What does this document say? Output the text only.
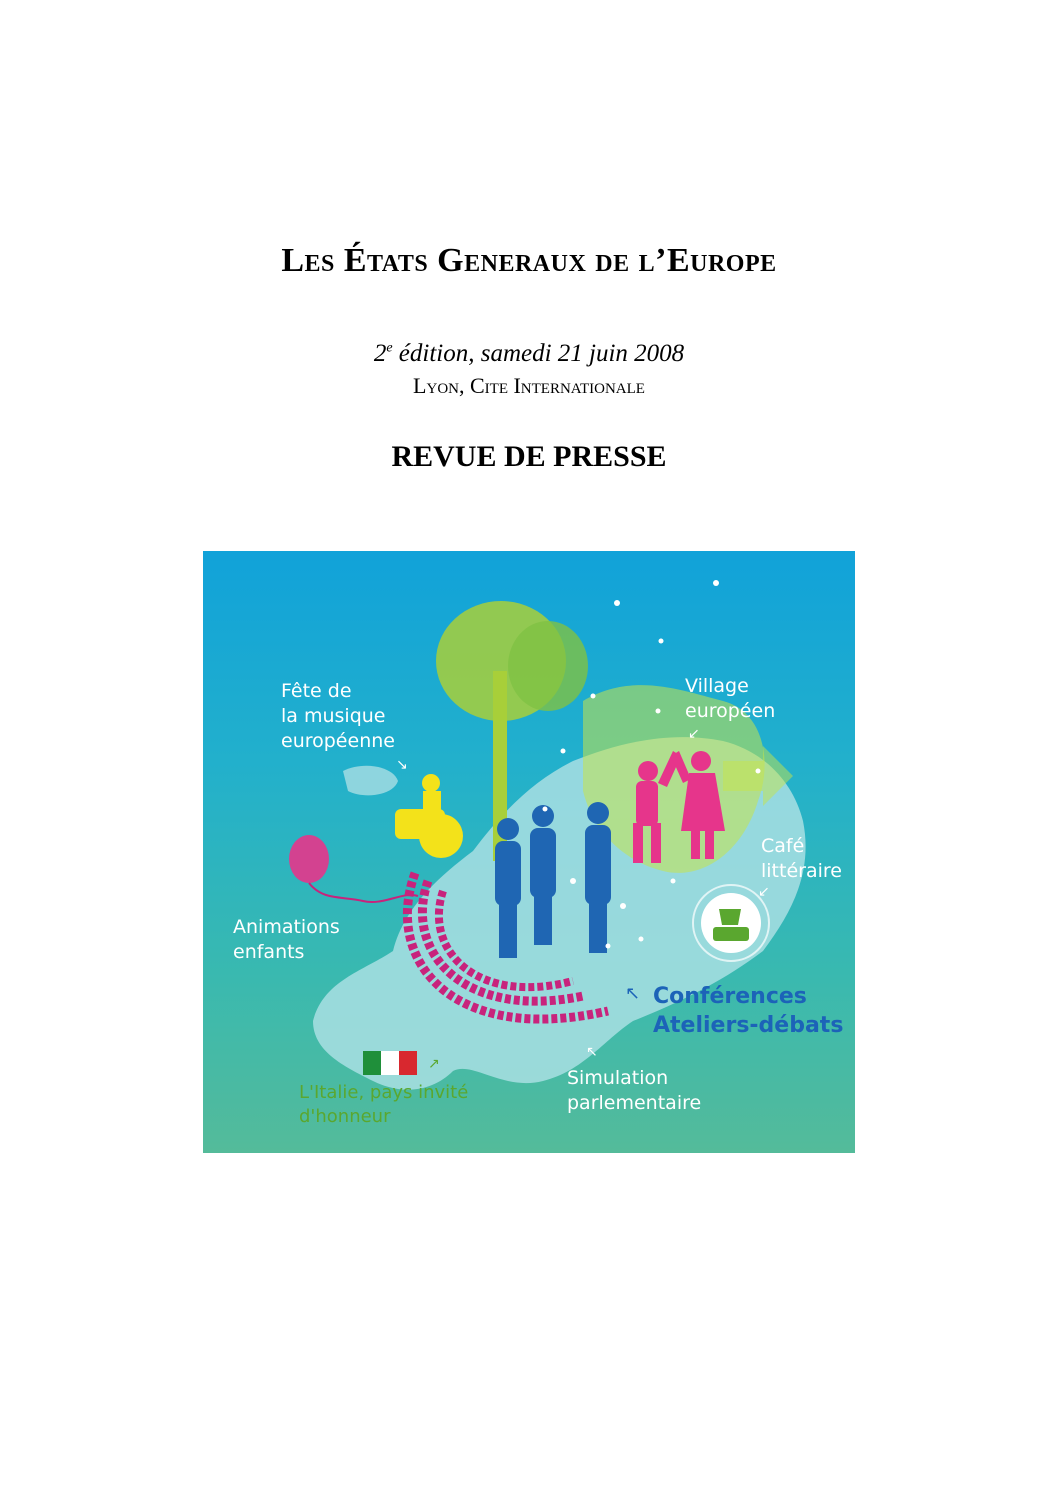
Les États Generaux de l’Europe
2e édition, samedi 21 juin 2008
Lyon, Cite Internationale
REVUE DE PRESSE
Fête de
la musique
européenne
↘
Village
européen
↙
Café
littéraire
↙
Animations
enfants
↖ Conférences
Ateliers-débats
↖
Simulation
parlementaire
↗
L'Italie, pays invité
d'honneur
